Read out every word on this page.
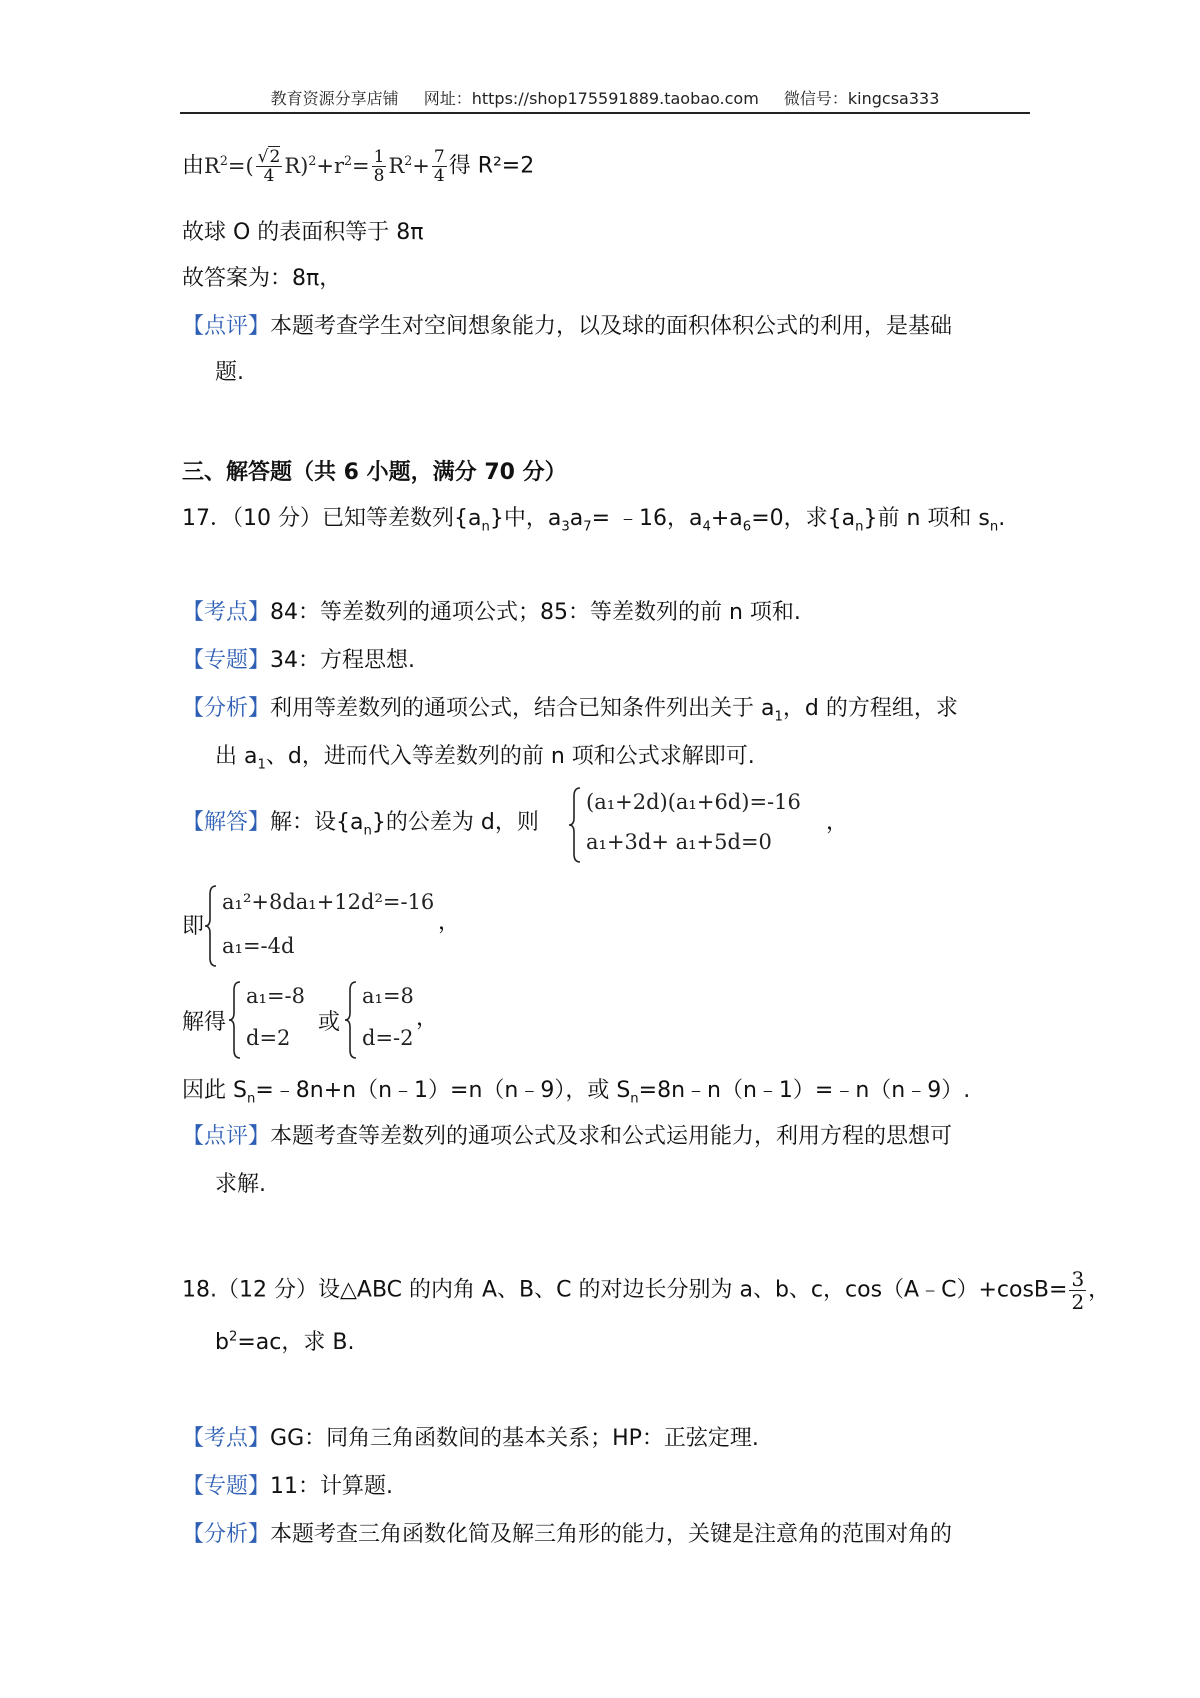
教育资源分享店铺 网址：https://shop175591889.taobao.com 微信号：kingcsa333
由$R^2=( \frac{√2}{4} R)^2+r^2= \frac{1}{8} R^2+ \frac{7}{4}$ 得 R²=2
故球 O 的表面积等于 8π
故答案为：8π，
【点评】本题考查学生对空间想象能力，以及球的面积体积公式的利用，是基础
题.
三、解答题（共 6 小题，满分 70 分）
17．（10 分）已知等差数列$\{a_n\}$中，$a_3a_7=$ ﹣16，$a_4+a_6=0$，求$\{a_n\}$前 n 项和 $s_n$.
【考点】84：等差数列的通项公式；85：等差数列的前 n 项和.
【专题】34：方程思想.
【分析】利用等差数列的通项公式，结合已知条件列出关于 $a_1$，d 的方程组，求
出 $a_1$、d，进而代入等差数列的前 n 项和公式求解即可.
【解答】解：设$\{a_n\}$的公差为 d，则
(a₁+2d)(a₁+6d)=-16
a₁+3d+ a₁+5d=0
，
即
a₁²+8da₁+12d²=-16
a₁=-4d
，
解得
a₁=-8
d=2
或
a₁=8
d=-2
，
因此 $S_n=﹣8n+n(n﹣1)=n(n﹣9)$，或 $S_n=8n﹣n(n﹣1)=﹣n(n﹣9)$.
【点评】本题考查等差数列的通项公式及求和公式运用能力，利用方程的思想可
求解.
18.（12 分）设△ABC 的内角 A、B、C 的对边长分别为 a、b、c，cos（A﹣C）+cosB= $\frac{3}{2}$ ，
$b^2=ac$，求 B.
【考点】GG：同角三角函数间的基本关系；HP：正弦定理.
【专题】11：计算题.
【分析】本题考查三角函数化简及解三角形的能力，关键是注意角的范围对角的
